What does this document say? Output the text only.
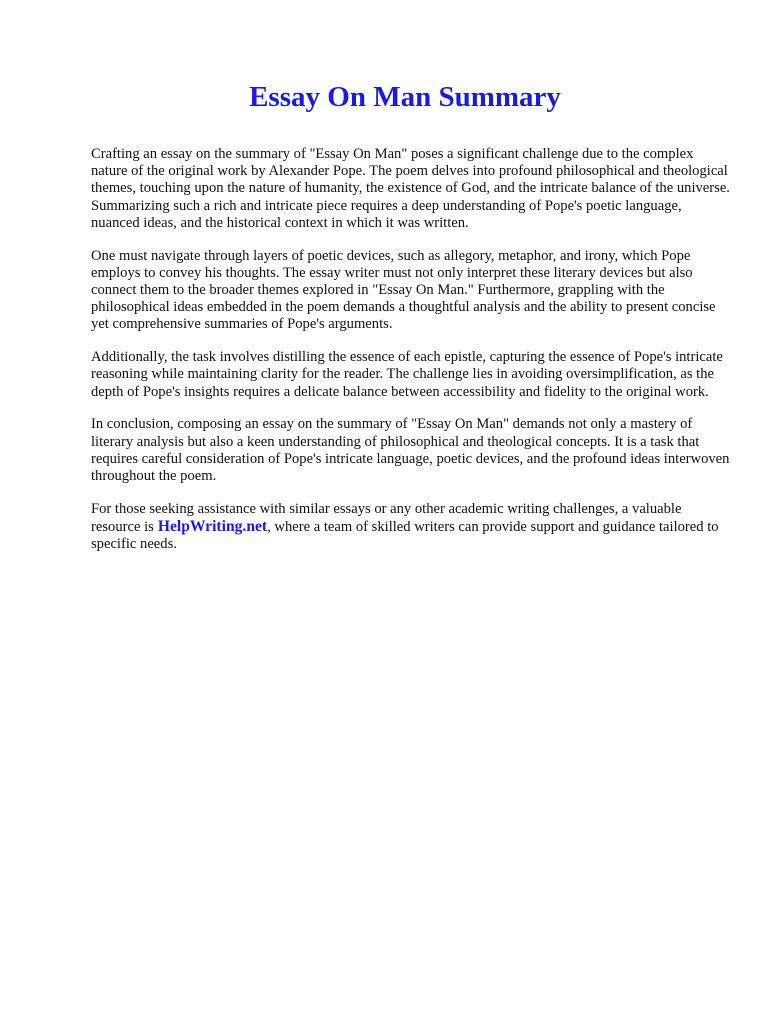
Essay On Man Summary

Crafting an essay on the summary of "Essay On Man" poses a significant challenge due to the complex nature of the original work by Alexander Pope. The poem delves into profound philosophical and theological themes, touching upon the nature of humanity, the existence of God, and the intricate balance of the universe. Summarizing such a rich and intricate piece requires a deep understanding of Pope's poetic language, nuanced ideas, and the historical context in which it was written.

One must navigate through layers of poetic devices, such as allegory, metaphor, and irony, which Pope employs to convey his thoughts. The essay writer must not only interpret these literary devices but also connect them to the broader themes explored in "Essay On Man." Furthermore, grappling with the philosophical ideas embedded in the poem demands a thoughtful analysis and the ability to present concise yet comprehensive summaries of Pope's arguments.

Additionally, the task involves distilling the essence of each epistle, capturing the essence of Pope's intricate reasoning while maintaining clarity for the reader. The challenge lies in avoiding oversimplification, as the depth of Pope's insights requires a delicate balance between accessibility and fidelity to the original work.

In conclusion, composing an essay on the summary of "Essay On Man" demands not only a mastery of literary analysis but also a keen understanding of philosophical and theological concepts. It is a task that requires careful consideration of Pope's intricate language, poetic devices, and the profound ideas interwoven throughout the poem.

For those seeking assistance with similar essays or any other academic writing challenges, a valuable resource is HelpWriting.net, where a team of skilled writers can provide support and guidance tailored to specific needs.
